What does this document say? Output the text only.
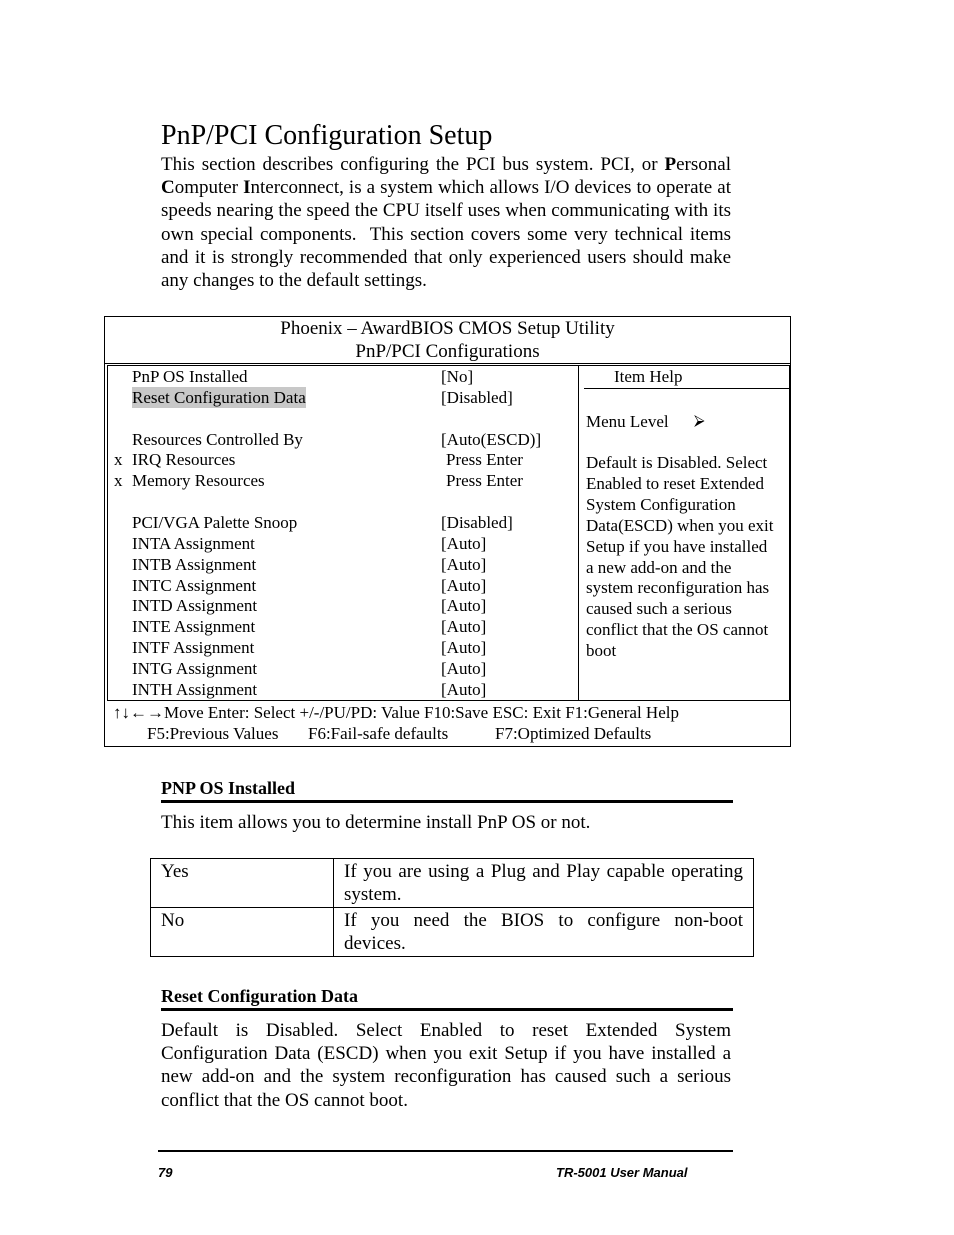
PnP/PCI Configuration Setup
This section describes configuring the PCI bus system. PCI, or Personal Computer Interconnect, is a system which allows I/O devices to operate at speeds nearing the speed the CPU itself uses when communicating with its own special components.  This section covers some very technical items and it is strongly recommended that only experienced users should make any changes to the default settings.
Phoenix – AwardBIOS CMOS Setup Utility
PnP/PCI Configurations
PnP OS Installed	[No]
Reset Configuration Data	[Disabled]
Resources Controlled By	[Auto(ESCD)]
x IRQ Resources	Press Enter
x Memory Resources	Press Enter
PCI/VGA Palette Snoop	[Disabled]
INTA Assignment	[Auto]
INTB Assignment	[Auto]
INTC Assignment	[Auto]
INTD Assignment	[Auto]
INTE Assignment	[Auto]
INTF Assignment	[Auto]
INTG Assignment	[Auto]
INTH Assignment	[Auto]
Item Help
Menu Level ⮚
Default is Disabled. Select
Enabled to reset Extended
System Configuration
Data(ESCD) when you exit
Setup if you have installed
a new add-on and the
system reconfiguration has
caused such a serious
conflict that the OS cannot
boot
↑↓←→Move Enter: Select +/-/PU/PD: Value F10:Save ESC: Exit F1:General Help
F5:Previous Values F6:Fail-safe defaults	F7:Optimized Defaults
PNP OS Installed
This item allows you to determine install PnP OS or not.
Yes	If you are using a Plug and Play capable operating system.
No	If you need the BIOS to configure non-boot devices.
Reset Configuration Data
Default is Disabled. Select Enabled to reset Extended System Configuration Data (ESCD) when you exit Setup if you have installed a new add-on and the system reconfiguration has caused such a serious conflict that the OS cannot boot.
79	TR-5001 User Manual
